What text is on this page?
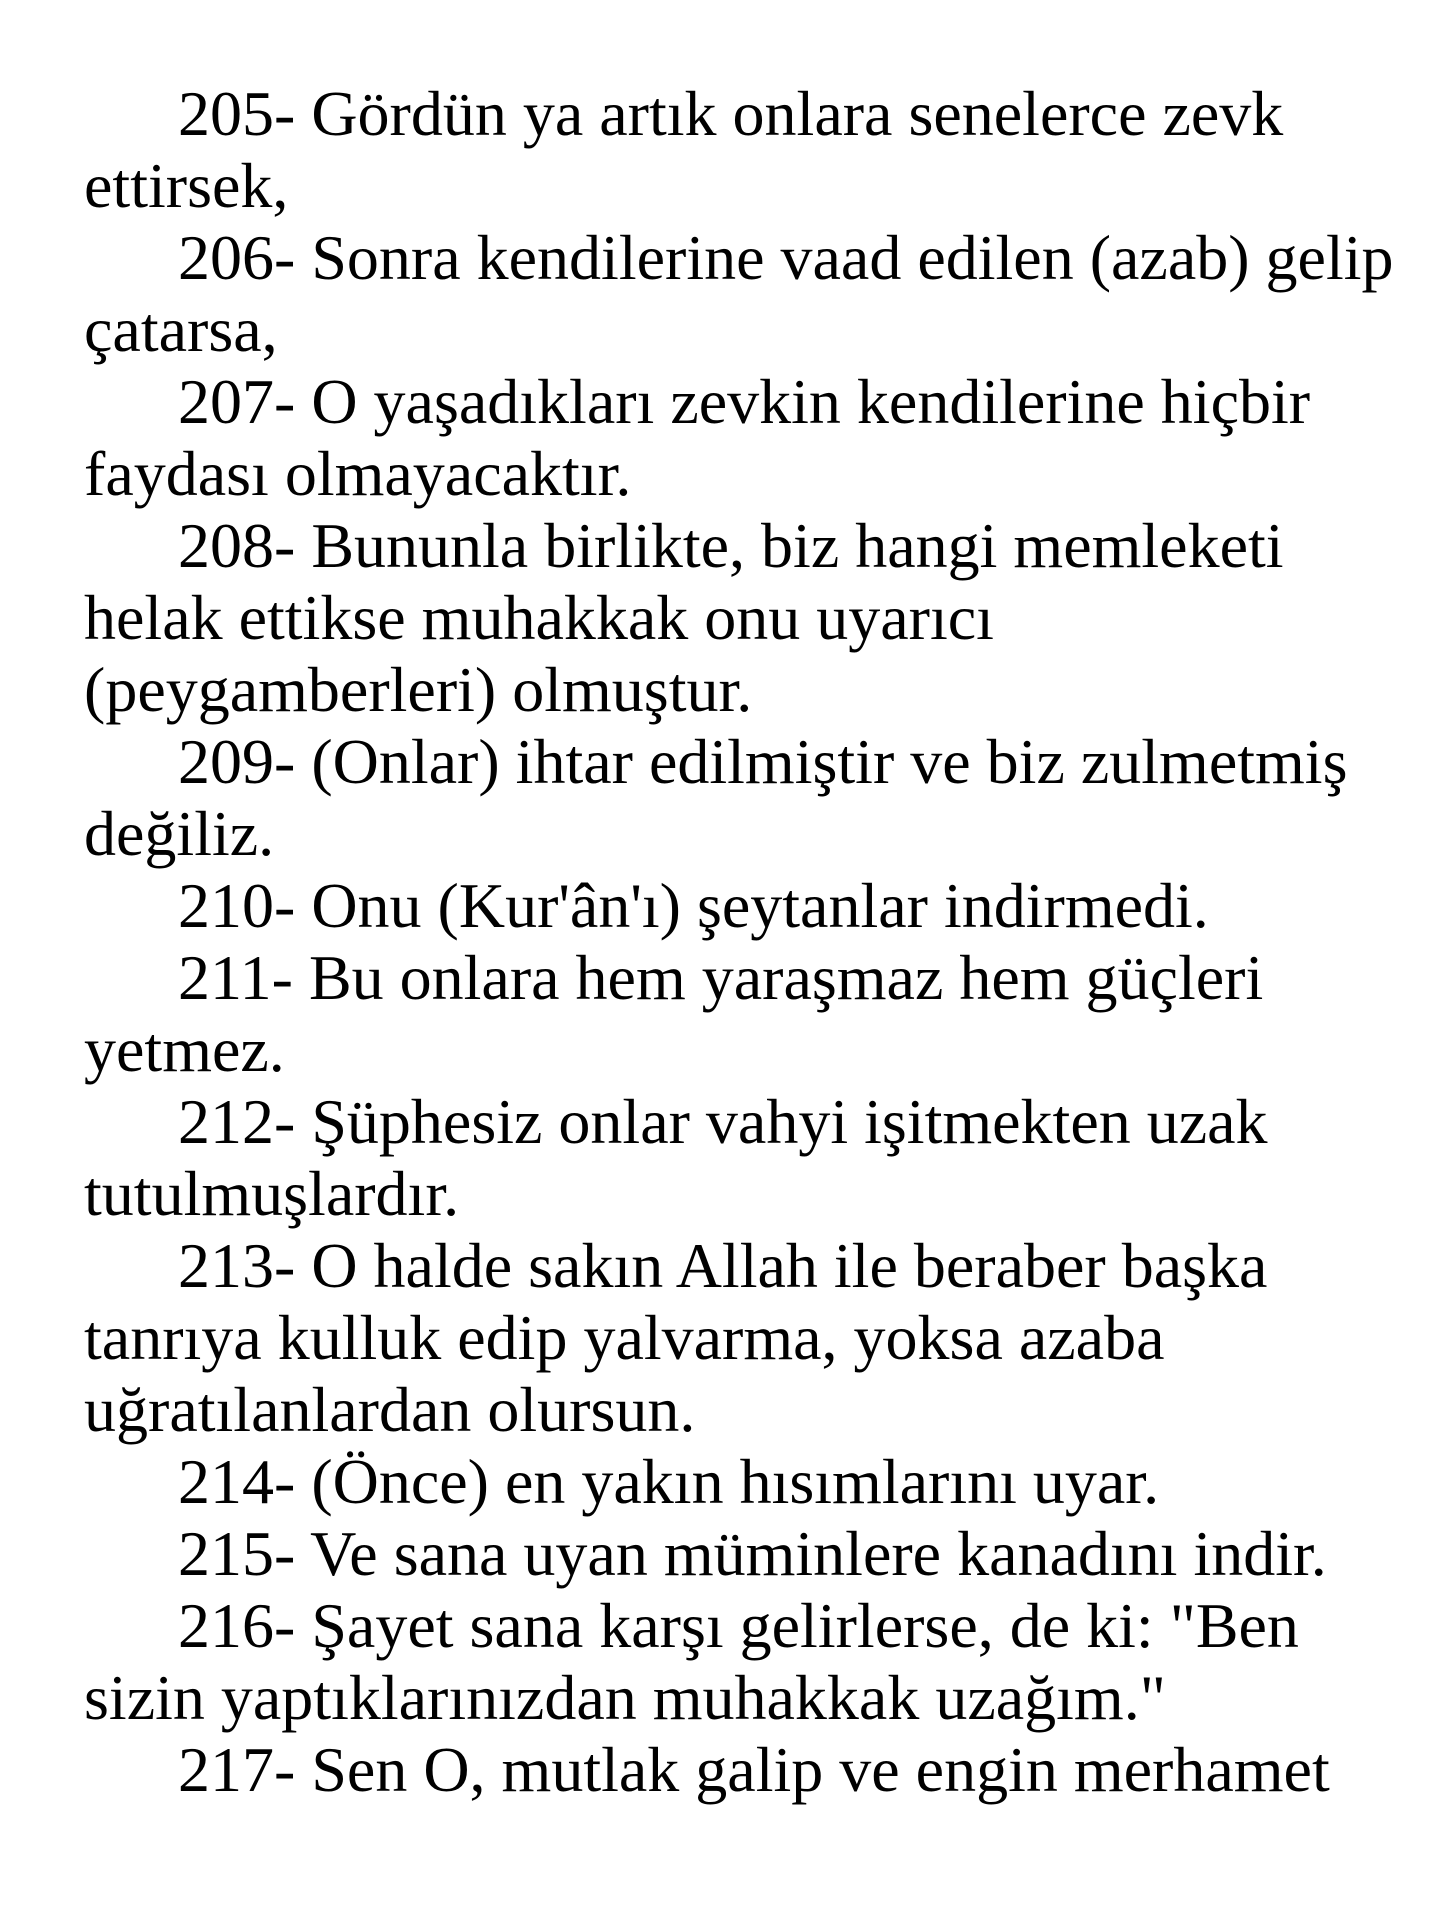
205- Gördün ya artık onlara senelerce zevk ettirsek,

206- Sonra kendilerine vaad edilen (azab) gelip çatarsa,

207- O yaşadıkları zevkin kendilerine hiçbir faydası olmayacaktır.

208- Bununla birlikte, biz hangi memleketi helak ettikse muhakkak onu uyarıcı (peygamberleri) olmuştur.

209- (Onlar) ihtar edilmiştir ve biz zulmetmiş değiliz.

210- Onu (Kur'ân'ı) şeytanlar indirmedi.

211- Bu onlara hem yaraşmaz hem güçleri yetmez.

212- Şüphesiz onlar vahyi işitmekten uzak tutulmuşlardır.

213- O halde sakın Allah ile beraber başka tanrıya kulluk edip yalvarma, yoksa azaba uğratılanlardan olursun.

214- (Önce) en yakın hısımlarını uyar.

215- Ve sana uyan müminlere kanadını indir.

216- Şayet sana karşı gelirlerse, de ki: "Ben sizin yaptıklarınızdan muhakkak uzağım."

217- Sen O, mutlak galip ve engin merhamet
